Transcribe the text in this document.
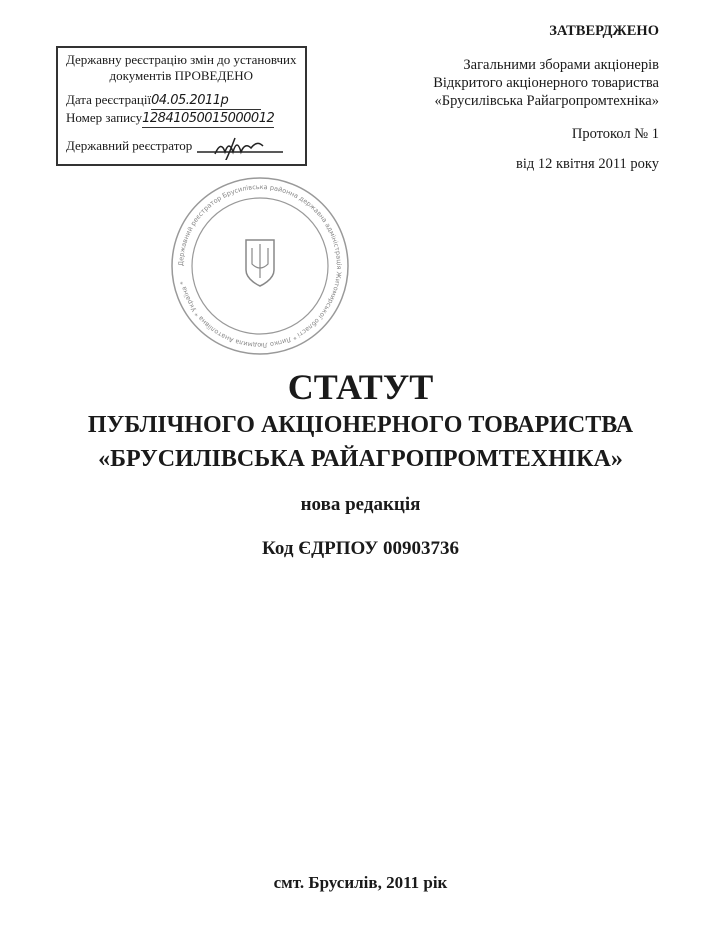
ЗАТВЕРДЖЕНО
Загальними зборами акціонерів
Відкритого акціонерного товариства
«Брусилівська Райагропромтехніка»
Протокол № 1
від 12 квітня 2011 року
Державний реєстратор Брусилівська районна державна адміністрація Житомирської області * Липко Людмила Анатоліївна * Україна *
Державну реєстрацію змін до установчих
документів ПРОВЕДЕНО
Дата реєстрації04.05.2011р
Номер запису12841050015000012
Державний реєстратор
СТАТУТ
ПУБЛІЧНОГО АКЦІОНЕРНОГО ТОВАРИСТВА
«БРУСИЛІВСЬКА РАЙАГРОПРОМТЕХНІКА»
нова редакція
Код ЄДРПОУ 00903736
смт. Брусилів, 2011 рік
